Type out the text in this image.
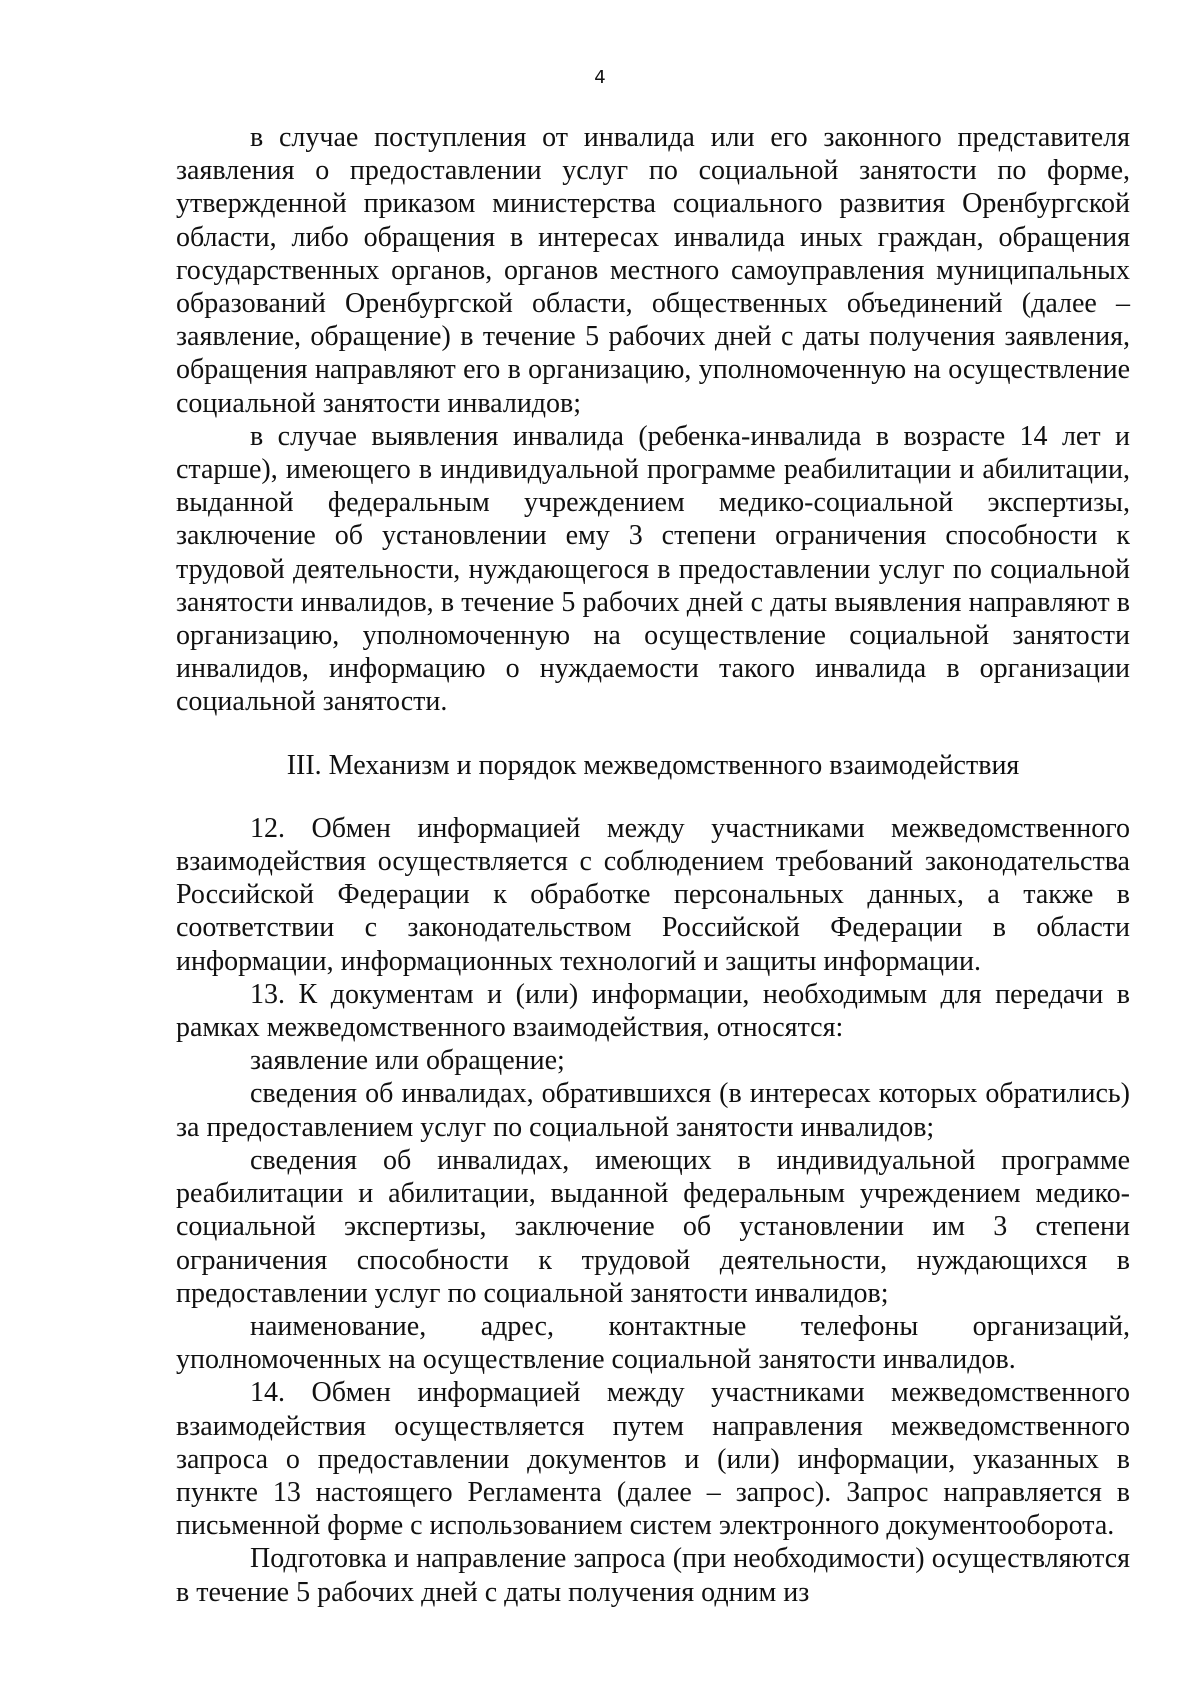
4

в случае поступления от инвалида или его законного представителя заявления о предоставлении услуг по социальной занятости по форме, утвержденной приказом министерства социального развития Оренбургской области, либо обращения в интересах инвалида иных граждан, обращения государственных органов, органов местного самоуправления муниципальных образований Оренбургской области, общественных объединений (далее – заявление, обращение) в течение 5 рабочих дней с даты получения заявления, обращения направляют его в организацию, уполномоченную на осуществление социальной занятости инвалидов;

в случае выявления инвалида (ребенка-инвалида в возрасте 14 лет и старше), имеющего в индивидуальной программе реабилитации и абилитации, выданной федеральным учреждением медико-социальной экспертизы, заключение об установлении ему 3 степени ограничения способности к трудовой деятельности, нуждающегося в предоставлении услуг по социальной занятости инвалидов, в течение 5 рабочих дней с даты выявления направляют в организацию, уполномоченную на осуществление социальной занятости инвалидов, информацию о нуждаемости такого инвалида в организации социальной занятости.

III. Механизм и порядок межведомственного взаимодействия

12. Обмен информацией между участниками межведомственного взаимодействия осуществляется с соблюдением требований законодательства Российской Федерации к обработке персональных данных, а также в соответствии с законодательством Российской Федерации в области информации, информационных технологий и защиты информации.

13. К документам и (или) информации, необходимым для передачи в рамках межведомственного взаимодействия, относятся:

заявление или обращение;

сведения об инвалидах, обратившихся (в интересах которых обратились) за предоставлением услуг по социальной занятости инвалидов;

сведения об инвалидах, имеющих в индивидуальной программе реабилитации и абилитации, выданной федеральным учреждением медико-социальной экспертизы, заключение об установлении им 3 степени ограничения способности к трудовой деятельности, нуждающихся в предоставлении услуг по социальной занятости инвалидов;

наименование, адрес, контактные телефоны организаций, уполномоченных на осуществление социальной занятости инвалидов.

14. Обмен информацией между участниками межведомственного взаимодействия осуществляется путем направления межведомственного запроса о предоставлении документов и (или) информации, указанных в пункте 13 настоящего Регламента (далее – запрос). Запрос направляется в письменной форме с использованием систем электронного документооборота.

Подготовка и направление запроса (при необходимости) осуществляются в течение 5 рабочих дней с даты получения одним из
